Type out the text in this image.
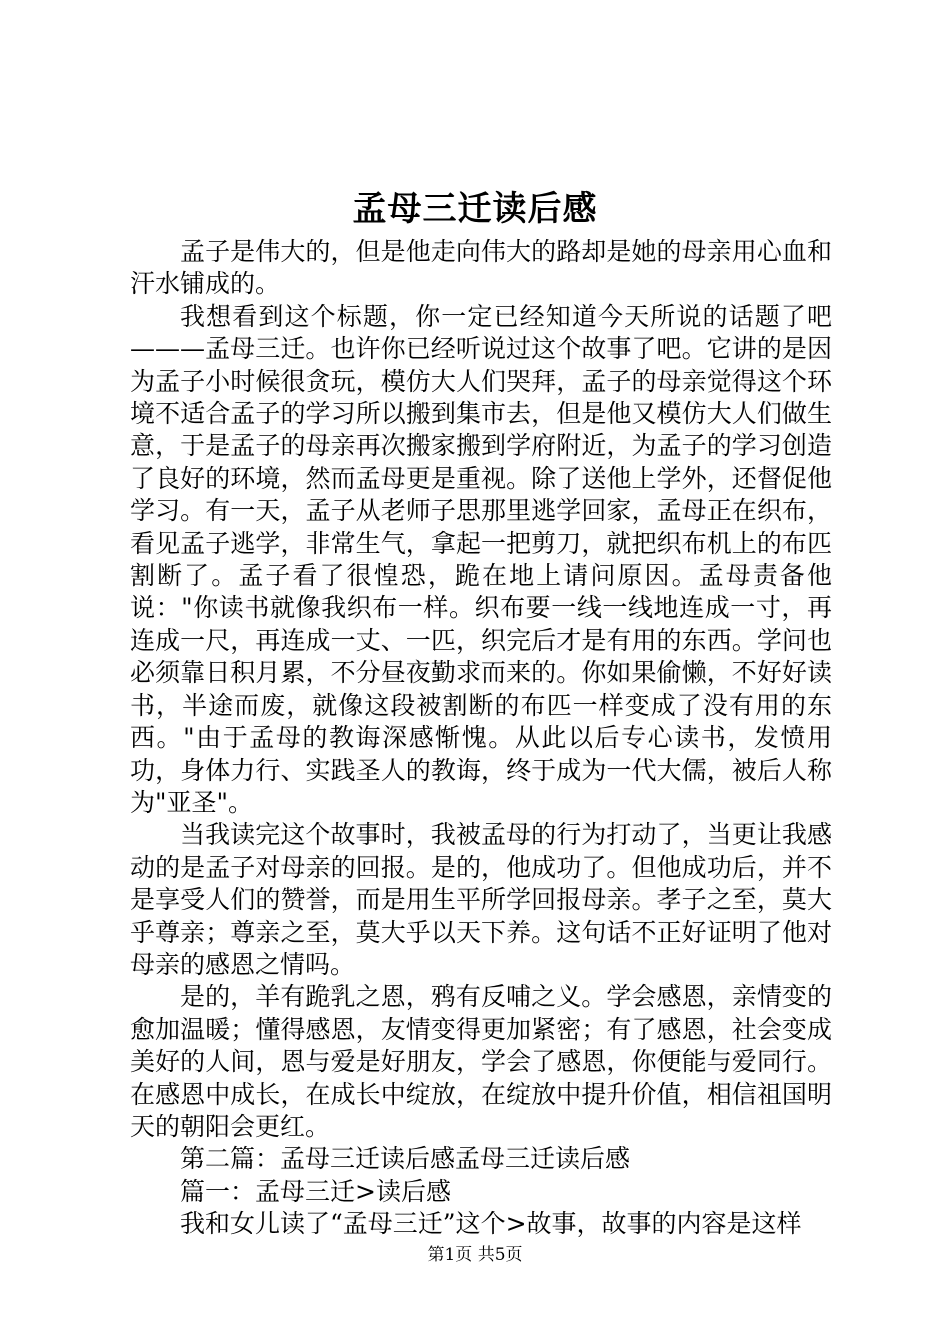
孟母三迁读后感

孟子是伟大的，但是他走向伟大的路却是她的母亲用心血和汗水铺成的。

我想看到这个标题，你一定已经知道今天所说的话题了吧———孟母三迁。也许你已经听说过这个故事了吧。它讲的是因为孟子小时候很贪玩，模仿大人们哭拜，孟子的母亲觉得这个环境不适合孟子的学习所以搬到集市去，但是他又模仿大人们做生意，于是孟子的母亲再次搬家搬到学府附近，为孟子的学习创造了良好的环境，然而孟母更是重视。除了送他上学外，还督促他学习。有一天，孟子从老师子思那里逃学回家，孟母正在织布，看见孟子逃学，非常生气，拿起一把剪刀，就把织布机上的布匹割断了。孟子看了很惶恐，跪在地上请问原因。孟母责备他说："你读书就像我织布一样。织布要一线一线地连成一寸，再连成一尺，再连成一丈、一匹，织完后才是有用的东西。学问也必须靠日积月累，不分昼夜勤求而来的。你如果偷懒，不好好读书，半途而废，就像这段被割断的布匹一样变成了没有用的东西。"由于孟母的教诲深感惭愧。从此以后专心读书，发愤用功，身体力行、实践圣人的教诲，终于成为一代大儒，被后人称为"亚圣"。

当我读完这个故事时，我被孟母的行为打动了，当更让我感动的是孟子对母亲的回报。是的，他成功了。但他成功后，并不是享受人们的赞誉，而是用生平所学回报母亲。孝子之至，莫大乎尊亲；尊亲之至，莫大乎以天下养。这句话不正好证明了他对母亲的感恩之情吗。

是的，羊有跪乳之恩，鸦有反哺之义。学会感恩，亲情变的愈加温暖；懂得感恩，友情变得更加紧密；有了感恩，社会变成美好的人间，恩与爱是好朋友，学会了感恩，你便能与爱同行。在感恩中成长，在成长中绽放，在绽放中提升价值，相信祖国明天的朝阳会更红。

第二篇：孟母三迁读后感孟母三迁读后感

篇一：孟母三迁>读后感

我和女儿读了“孟母三迁”这个>故事，故事的内容是这样

第1页 共5页
